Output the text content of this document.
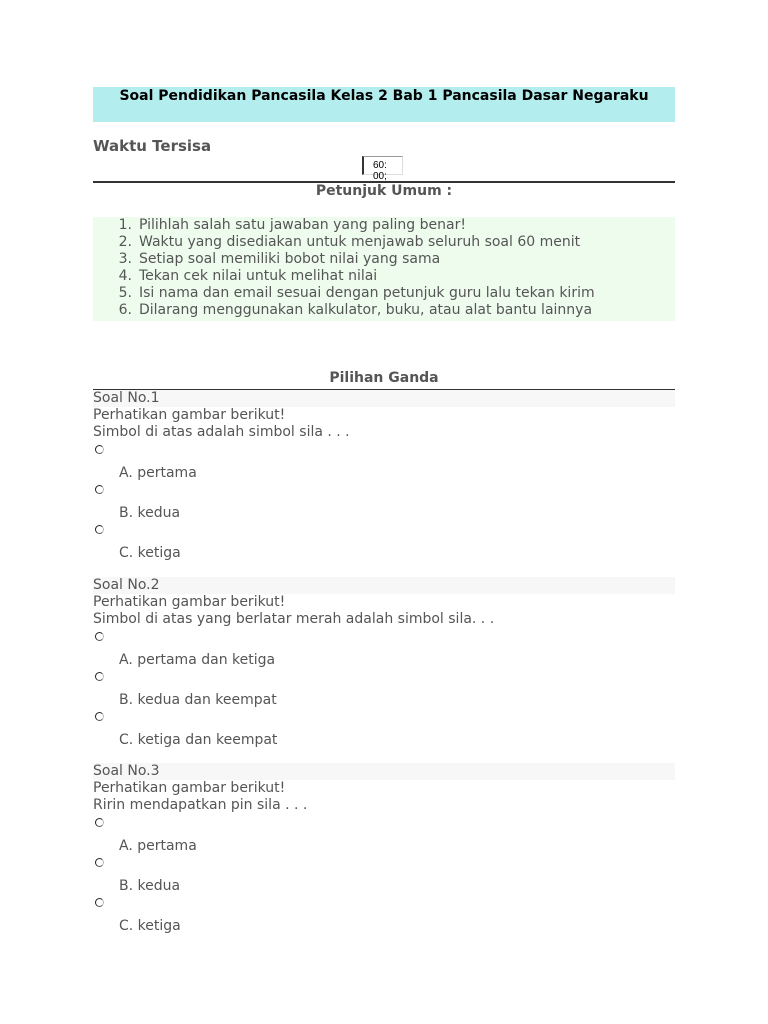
Soal Pendidikan Pancasila Kelas 2 Bab 1 Pancasila Dasar Negaraku
Waktu Tersisa
60: 00;
Petunjuk Umum :
1. Pilihlah salah satu jawaban yang paling benar!
2. Waktu yang disediakan untuk menjawab seluruh soal 60 menit
3. Setiap soal memiliki bobot nilai yang sama
4. Tekan cek nilai untuk melihat nilai
5. Isi nama dan email sesuai dengan petunjuk guru lalu tekan kirim
6. Dilarang menggunakan kalkulator, buku, atau alat bantu lainnya
Pilihan Ganda
Soal No.1
Perhatikan gambar berikut!
Simbol di atas adalah simbol sila . . .
A. pertama
B. kedua
C. ketiga
Soal No.2
Perhatikan gambar berikut!
Simbol di atas yang berlatar merah adalah simbol sila. . .
A. pertama dan ketiga
B. kedua dan keempat
C. ketiga dan keempat
Soal No.3
Perhatikan gambar berikut!
Ririn mendapatkan pin sila . . .
A. pertama
B. kedua
C. ketiga
